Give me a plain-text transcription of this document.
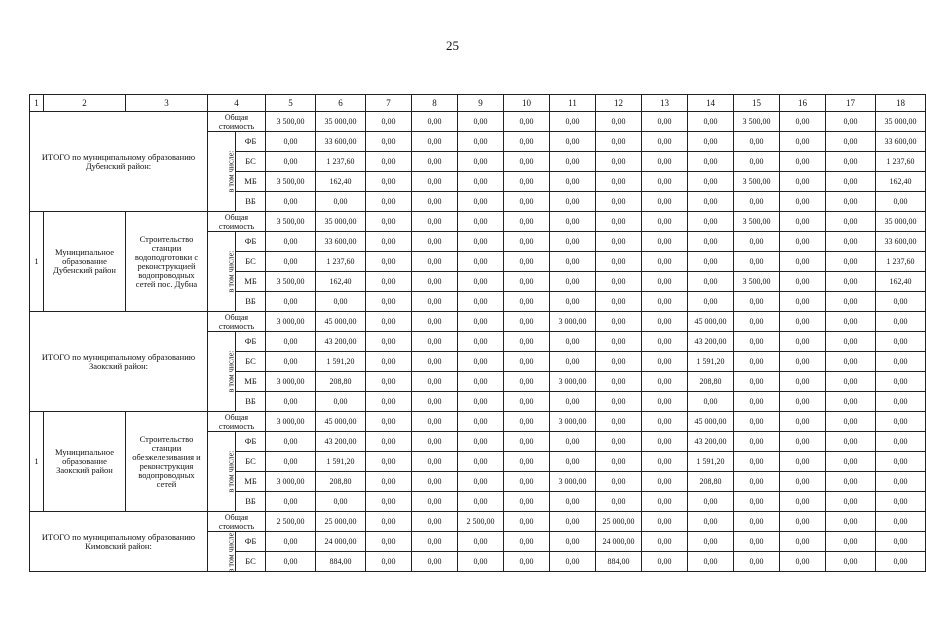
25
1	2	3	4		5	6	7	8	9	10	11	12	13	14	15	16	17	18
ИТОГО по муниципальному образованию Дубенский район:			Общая стоимость		3 500,00	35 000,00	0,00	0,00	0,00	0,00	0,00	0,00	0,00	0,00	3 500,00	0,00	0,00	35 000,00
			в том числе:	ФБ	0,00	33 600,00	0,00	0,00	0,00	0,00	0,00	0,00	0,00	0,00	0,00	0,00	0,00	33 600,00
				БС	0,00	1 237,60	0,00	0,00	0,00	0,00	0,00	0,00	0,00	0,00	0,00	0,00	0,00	1 237,60
				МБ	3 500,00	162,40	0,00	0,00	0,00	0,00	0,00	0,00	0,00	0,00	3 500,00	0,00	0,00	162,40
				ВБ	0,00	0,00	0,00	0,00	0,00	0,00	0,00	0,00	0,00	0,00	0,00	0,00	0,00	0,00
1	Муниципальное образование Дубенский район	Строительство станции водоподготовки с реконструкцией водопроводных сетей пос. Дубна	Общая стоимость		3 500,00	35 000,00	0,00	0,00	0,00	0,00	0,00	0,00	0,00	0,00	3 500,00	0,00	0,00	35 000,00
			в том числе:	ФБ	0,00	33 600,00	0,00	0,00	0,00	0,00	0,00	0,00	0,00	0,00	0,00	0,00	0,00	33 600,00
				БС	0,00	1 237,60	0,00	0,00	0,00	0,00	0,00	0,00	0,00	0,00	0,00	0,00	0,00	1 237,60
				МБ	3 500,00	162,40	0,00	0,00	0,00	0,00	0,00	0,00	0,00	0,00	3 500,00	0,00	0,00	162,40
				ВБ	0,00	0,00	0,00	0,00	0,00	0,00	0,00	0,00	0,00	0,00	0,00	0,00	0,00	0,00
ИТОГО по муниципальному образованию Заокский район:			Общая стоимость		3 000,00	45 000,00	0,00	0,00	0,00	0,00	3 000,00	0,00	0,00	45 000,00	0,00	0,00	0,00	0,00
			в том числе:	ФБ	0,00	43 200,00	0,00	0,00	0,00	0,00	0,00	0,00	0,00	43 200,00	0,00	0,00	0,00	0,00
				БС	0,00	1 591,20	0,00	0,00	0,00	0,00	0,00	0,00	0,00	1 591,20	0,00	0,00	0,00	0,00
				МБ	3 000,00	208,80	0,00	0,00	0,00	0,00	3 000,00	0,00	0,00	208,80	0,00	0,00	0,00	0,00
				ВБ	0,00	0,00	0,00	0,00	0,00	0,00	0,00	0,00	0,00	0,00	0,00	0,00	0,00	0,00
1	Муниципальное образование Заокский район	Строительство станции обезжелезивания и реконструкция водопроводных сетей	Общая стоимость		3 000,00	45 000,00	0,00	0,00	0,00	0,00	3 000,00	0,00	0,00	45 000,00	0,00	0,00	0,00	0,00
			в том числе:	ФБ	0,00	43 200,00	0,00	0,00	0,00	0,00	0,00	0,00	0,00	43 200,00	0,00	0,00	0,00	0,00
				БС	0,00	1 591,20	0,00	0,00	0,00	0,00	0,00	0,00	0,00	1 591,20	0,00	0,00	0,00	0,00
				МБ	3 000,00	208,80	0,00	0,00	0,00	0,00	3 000,00	0,00	0,00	208,80	0,00	0,00	0,00	0,00
				ВБ	0,00	0,00	0,00	0,00	0,00	0,00	0,00	0,00	0,00	0,00	0,00	0,00	0,00	0,00
ИТОГО по муниципальному образованию Кимовский район:			Общая стоимость		2 500,00	25 000,00	0,00	0,00	2 500,00	0,00	0,00	25 000,00	0,00	0,00	0,00	0,00	0,00	0,00
			в том числе:	ФБ	0,00	24 000,00	0,00	0,00	0,00	0,00	0,00	24 000,00	0,00	0,00	0,00	0,00	0,00	0,00
				БС	0,00	884,00	0,00	0,00	0,00	0,00	0,00	884,00	0,00	0,00	0,00	0,00	0,00	0,00
